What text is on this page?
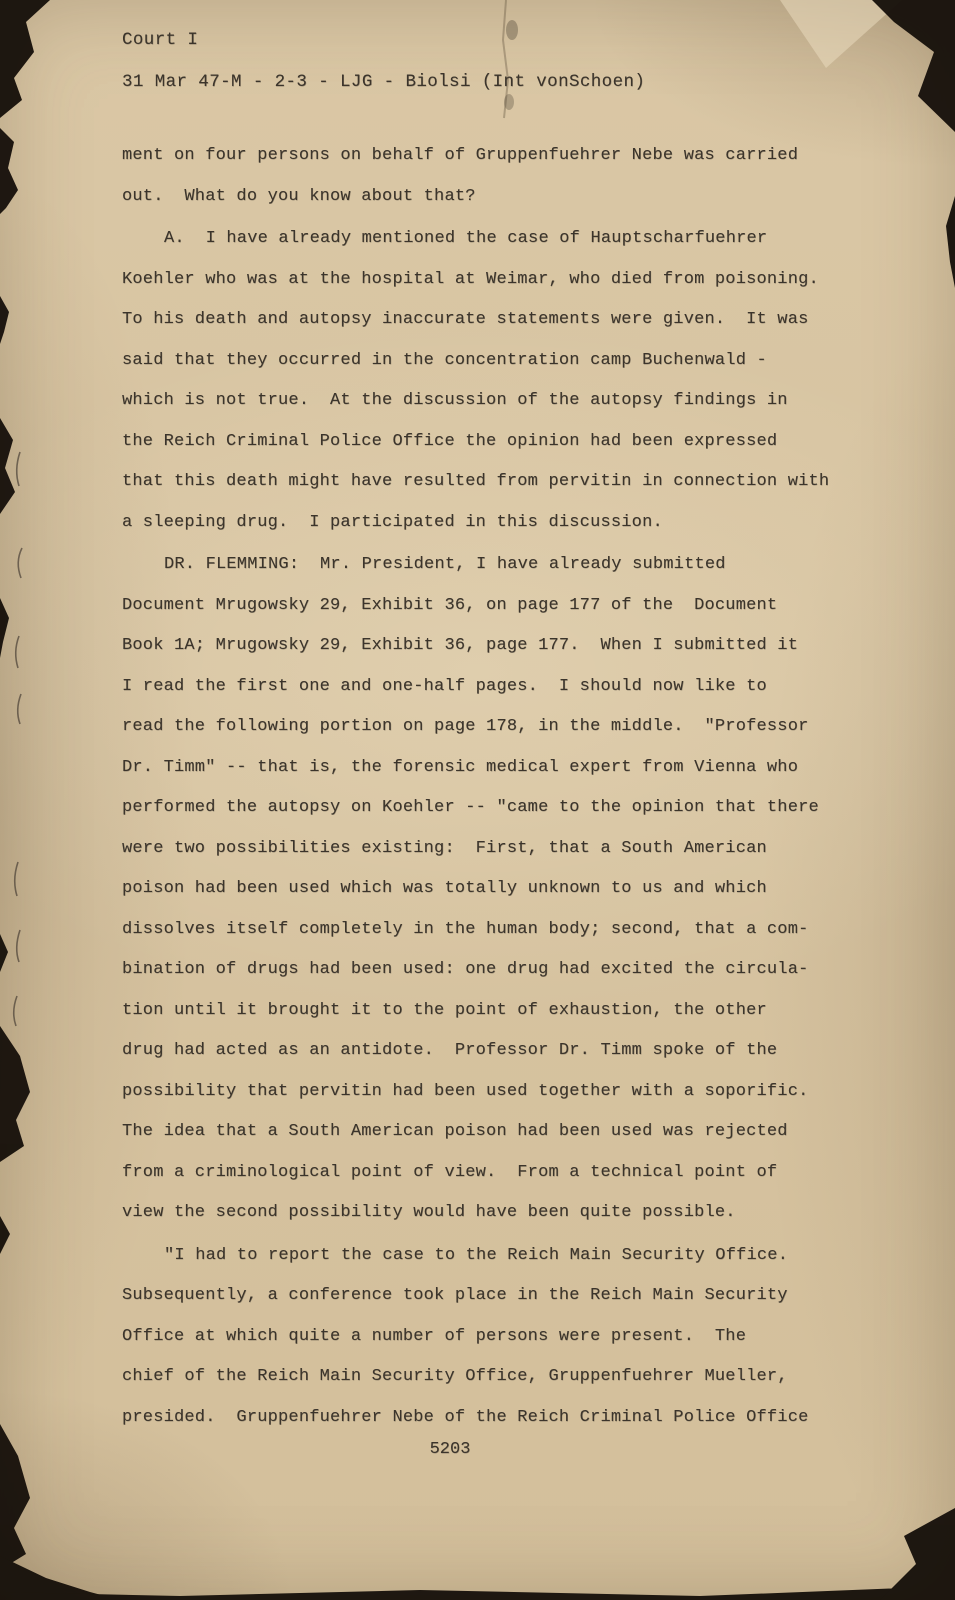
Court I
31 Mar 47-M - 2-3 - LJG - Biolsi (Int vonSchoen)
ment on four persons on behalf of Gruppenfuehrer Nebe was carried
out.  What do you know about that?
A.  I have already mentioned the case of Hauptscharfuehrer
Koehler who was at the hospital at Weimar, who died from poisoning.
To his death and autopsy inaccurate statements were given.  It was
said that they occurred in the concentration camp Buchenwald -
which is not true.  At the discussion of the autopsy findings in
the Reich Criminal Police Office the opinion had been expressed
that this death might have resulted from pervitin in connection with
a sleeping drug.  I participated in this discussion.
DR. FLEMMING:  Mr. President, I have already submitted
Document Mrugowsky 29, Exhibit 36, on page 177 of the  Document
Book 1A; Mrugowsky 29, Exhibit 36, page 177.  When I submitted it
I read the first one and one-half pages.  I should now like to
read the following portion on page 178, in the middle.  "Professor
Dr. Timm" -- that is, the forensic medical expert from Vienna who
performed the autopsy on Koehler -- "came to the opinion that there
were two possibilities existing:  First, that a South American
poison had been used which was totally unknown to us and which
dissolves itself completely in the human body; second, that a com-
bination of drugs had been used: one drug had excited the circula-
tion until it brought it to the point of exhaustion, the other
drug had acted as an antidote.  Professor Dr. Timm spoke of the
possibility that pervitin had been used together with a soporific.
The idea that a South American poison had been used was rejected
from a criminological point of view.  From a technical point of
view the second possibility would have been quite possible.
"I had to report the case to the Reich Main Security Office.
Subsequently, a conference took place in the Reich Main Security
Office at which quite a number of persons were present.  The
chief of the Reich Main Security Office, Gruppenfuehrer Mueller,
presided.  Gruppenfuehrer Nebe of the Reich Criminal Police Office
5203
